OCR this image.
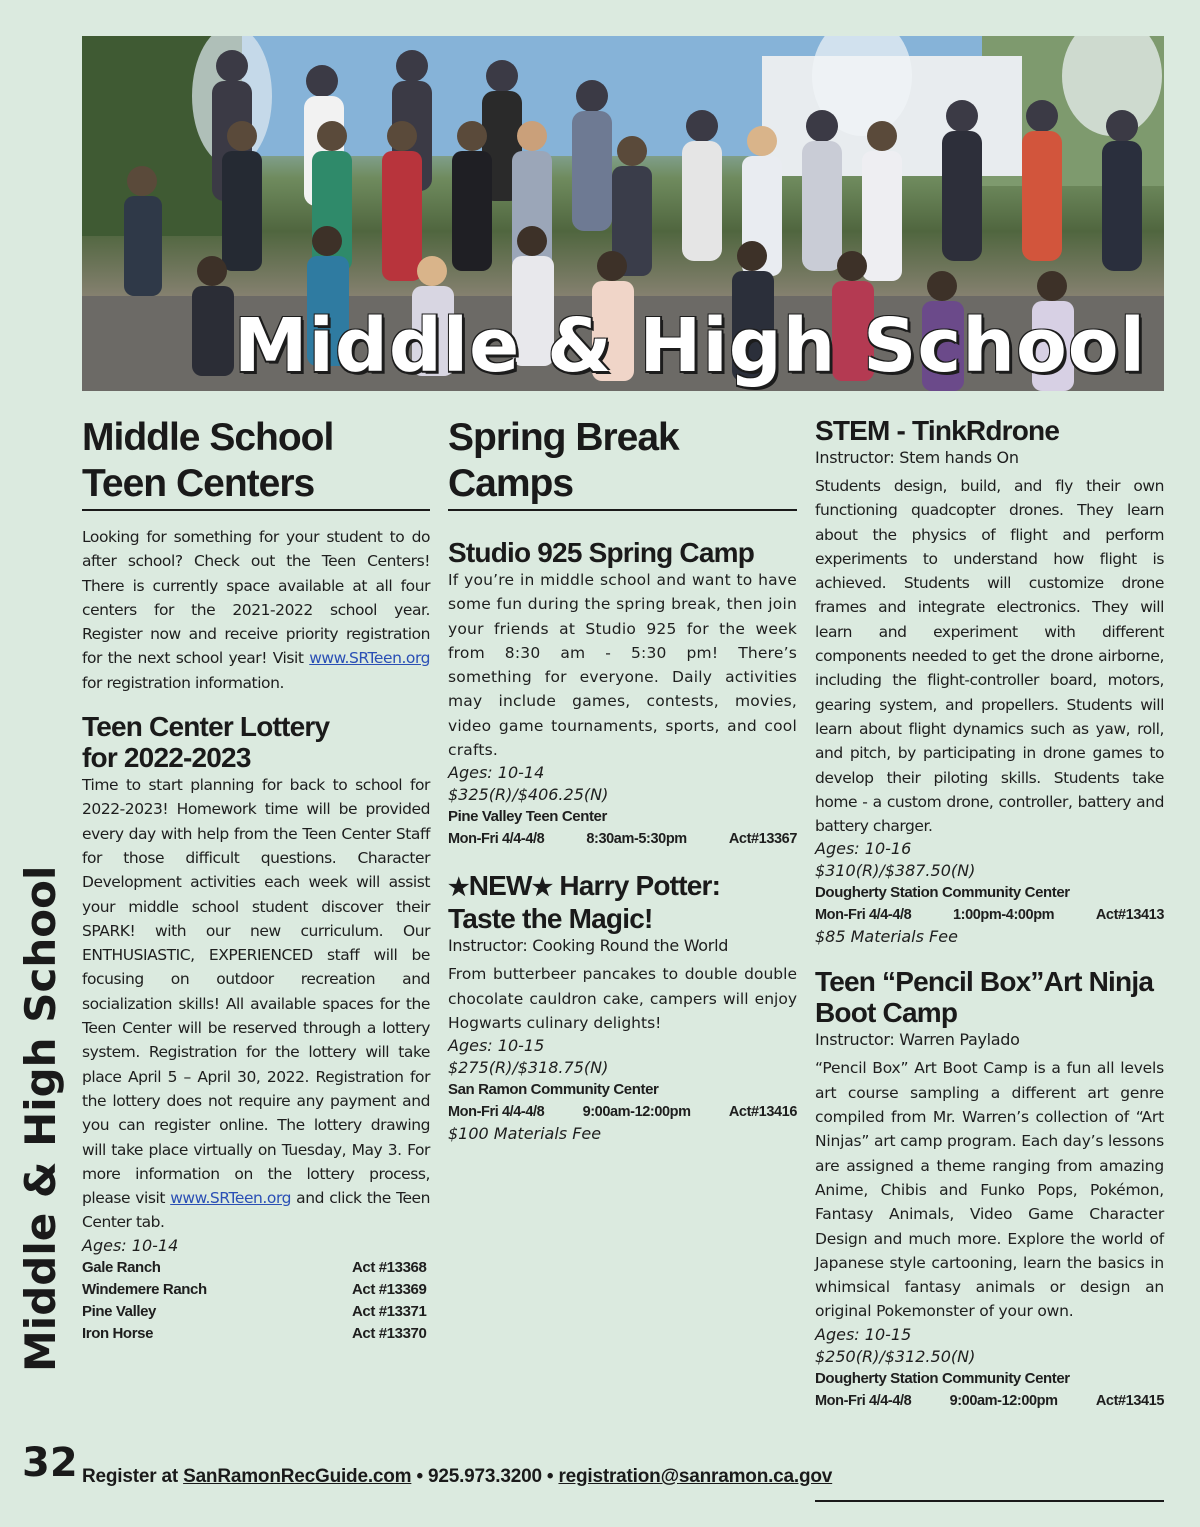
Middle & High School
Middle & High School
Middle School
Teen Centers

Looking for something for your student to do after school? Check out the Teen Centers! There is currently space available at all four centers for the 2021-2022 school year. Register now and receive priority registration for the next school year! Visit www.SRTeen.org for registration information.

Teen Center Lottery
for 2022-2023

Time to start planning for back to school for 2022-2023! Homework time will be provided every day with help from the Teen Center Staff for those difficult questions. Character Development activities each week will assist your middle school student discover their SPARK! with our new curriculum. Our ENTHUSIASTIC, EXPERIENCED staff will be focusing on outdoor recreation and socialization skills! All available spaces for the Teen Center will be reserved through a lottery system. Registration for the lottery will take place April 5 – April 30, 2022. Registration for the lottery does not require any payment and you can register online. The lottery drawing will take place virtually on Tuesday, May 3. For more information on the lottery process, please visit www.SRTeen.org and click the Teen Center tab.

Ages: 10-14

Gale Ranch	Act #13368
Windemere Ranch	Act #13369
Pine Valley	Act #13371
Iron Horse	Act #13370
Spring Break
Camps
Studio 925 Spring Camp

If you’re in middle school and want to have some fun during the spring break, then join your friends at Studio 925 for the week from 8:30 am - 5:30 pm! There’s something for everyone. Daily activities may include games, contests, movies, video game tournaments, sports, and cool crafts.

Ages: 10-14

$325(R)/$406.25(N)

Pine Valley Teen Center

Mon-Fri 4/4-4/8	8:30am-5:30pm	Act#13367
★NEW★ Harry Potter:
Taste the Magic!

Instructor: Cooking Round the World

From butterbeer pancakes to double double chocolate cauldron cake, campers will enjoy Hogwarts culinary delights!

Ages: 10-15

$275(R)/$318.75(N)

San Ramon Community Center

Mon-Fri 4/4-4/8	9:00am-12:00pm	Act#13416

$100 Materials Fee

STEM - TinkRdrone

Instructor: Stem hands On

Students design, build, and fly their own functioning quadcopter drones. They learn about the physics of flight and perform experiments to understand how flight is achieved. Students will customize drone frames and integrate electronics. They will learn and experiment with different components needed to get the drone airborne, including the flight-controller board, motors, gearing system, and propellers. Students will learn about flight dynamics such as yaw, roll, and pitch, by participating in drone games to develop their piloting skills. Students take home - a custom drone, controller, battery and battery charger.

Ages: 10-16

$310(R)/$387.50(N)

Dougherty Station Community Center

Mon-Fri 4/4-4/8	1:00pm-4:00pm	Act#13413

$85 Materials Fee

Teen “Pencil Box”Art Ninja
Boot Camp

Instructor: Warren Paylado

“Pencil Box” Art Boot Camp is a fun all levels art course sampling a different art genre compiled from Mr. Warren’s collection of “Art Ninjas” art camp program. Each day’s lessons are assigned a theme ranging from amazing Anime, Chibis and Funko Pops, Pokémon, Fantasy Animals, Video Game Character Design and much more. Explore the world of Japanese style cartooning, learn the basics in whimsical fantasy animals or design an original Pokemonster of your own.

Ages: 10-15

$250(R)/$312.50(N)

Dougherty Station Community Center

Mon-Fri 4/4-4/8	9:00am-12:00pm	Act#13415
32 Register at SanRamonRecGuide.com • 925.973.3200 • registration@sanramon.ca.gov
